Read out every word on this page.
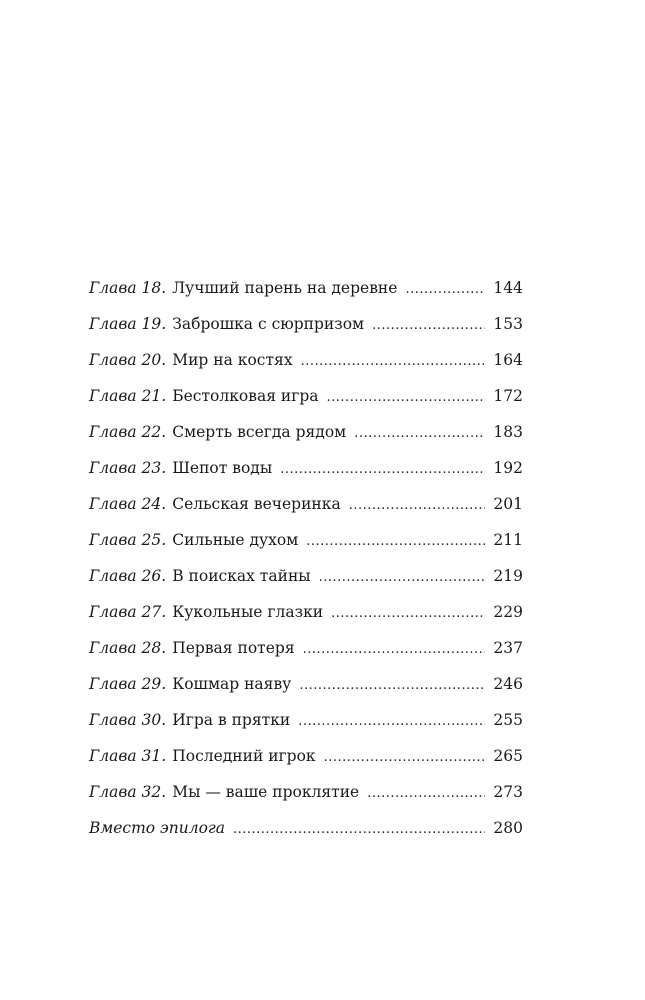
Глава 18. Лучший парень на деревне .....	144
Глава 19. Заброшка с сюрпризом .....	153
Глава 20. Мир на костях .....	164
Глава 21. Бестолковая игра .....	172
Глава 22. Смерть всегда рядом .....	183
Глава 23. Шепот воды .....	192
Глава 24. Сельская вечеринка .....	201
Глава 25. Сильные духом .....	211
Глава 26. В поисках тайны .....	219
Глава 27. Кукольные глазки .....	229
Глава 28. Первая потеря .....	237
Глава 29. Кошмар наяву .....	246
Глава 30. Игра в прятки .....	255
Глава 31. Последний игрок .....	265
Глава 32. Мы — ваше проклятие .....	273
Вместо эпилога .....	280
